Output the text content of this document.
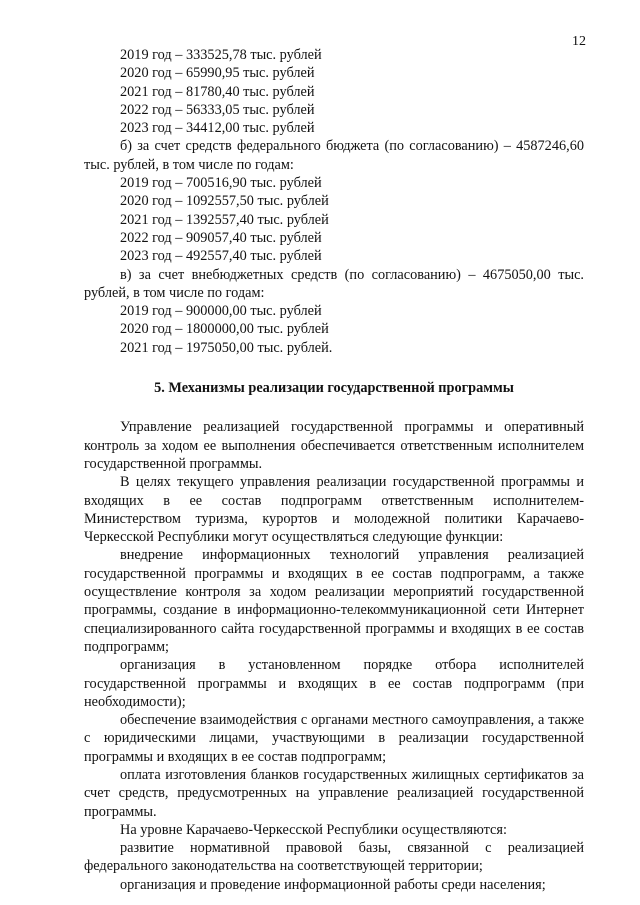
12
2019 год – 333525,78 тыс. рублей
2020 год – 65990,95 тыс. рублей
2021 год – 81780,40 тыс. рублей
2022 год – 56333,05 тыс. рублей
2023 год – 34412,00 тыс. рублей
б) за счет средств федерального бюджета (по согласованию) – 4587246,60 тыс. рублей, в том числе по годам:
2019 год – 700516,90 тыс. рублей
2020 год – 1092557,50 тыс. рублей
2021 год – 1392557,40 тыс. рублей
2022 год – 909057,40 тыс. рублей
2023 год – 492557,40 тыс. рублей
в) за счет внебюджетных средств (по согласованию) – 4675050,00 тыс. рублей, в том числе по годам:
2019 год – 900000,00 тыс. рублей
2020 год – 1800000,00 тыс. рублей
2021 год – 1975050,00 тыс. рублей.
5. Механизмы реализации государственной программы
Управление реализацией государственной программы и оперативный контроль за ходом ее выполнения обеспечивается ответственным исполнителем государственной программы.
В целях текущего управления реализации государственной программы и входящих в ее состав подпрограмм ответственным исполнителем-Министерством туризма, курортов и молодежной политики Карачаево-Черкесской Республики могут осуществляться следующие функции:
внедрение информационных технологий управления реализацией государственной программы и входящих в ее состав подпрограмм, а также осуществление контроля за ходом реализации мероприятий государственной программы, создание в информационно-телекоммуникационной сети Интернет специализированного сайта государственной программы и входящих в ее состав подпрограмм;
организация в установленном порядке отбора исполнителей государственной программы и входящих в ее состав подпрограмм (при необходимости);
обеспечение взаимодействия с органами местного самоуправления, а также с юридическими лицами, участвующими в реализации государственной программы и входящих в ее состав подпрограмм;
оплата изготовления бланков государственных жилищных сертификатов за счет средств, предусмотренных на управление реализацией государственной программы.
На уровне Карачаево-Черкесской Республики осуществляются:
развитие нормативной правовой базы, связанной с реализацией федерального законодательства на соответствующей территории;
организация и проведение информационной работы среди населения;
